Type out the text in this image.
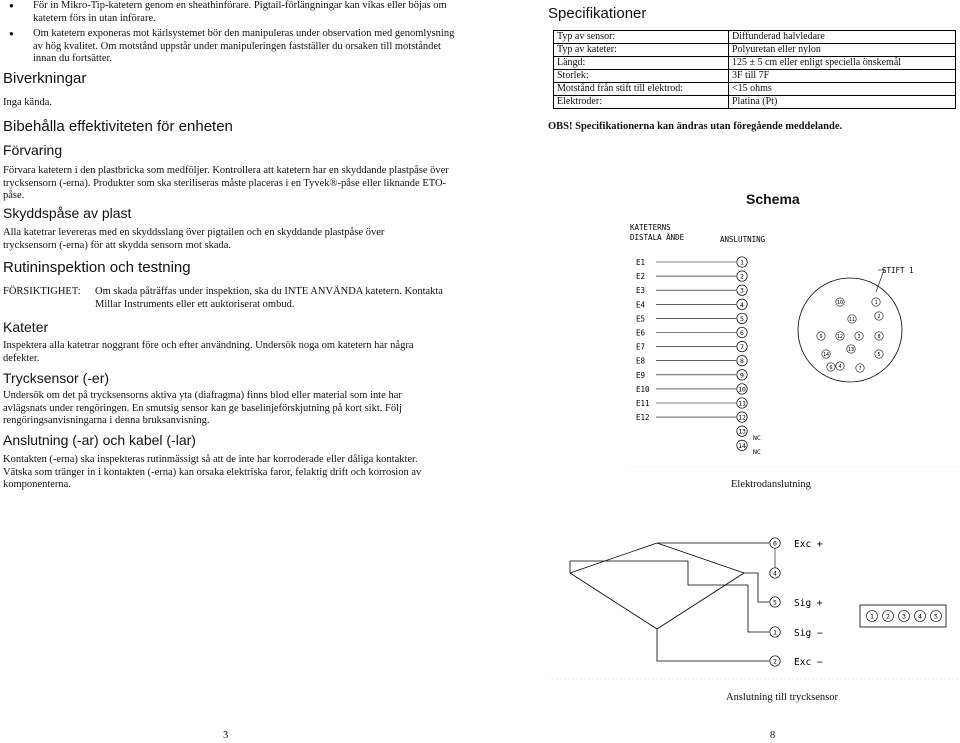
● För in Mikro-Tip-katetern genom en sheathinförare. Pigtail-förlängningar kan vikas eller böjas om katetern förs in utan införare.
● Om katetern exponeras mot kärlsystemet bör den manipuleras under observation med genomlysning av hög kvalitet. Om motstånd uppstår under manipuleringen fastställer du orsaken till motståndet innan du fortsätter.
Biverkningar
Inga kända.
Bibehålla effektiviteten för enheten
Förvaring
Förvara katetern i den plastbricka som medföljer. Kontrollera att katetern har en skyddande plastpåse över trycksensorn (-erna). Produkter som ska steriliseras måste placeras i en Tyvek®-påse eller liknande ETO-påse.
Skyddspåse av plast
Alla katetrar levereras med en skyddsslang över pigtailen och en skyddande plastpåse över trycksensorn (-erna) för att skydda sensorn mot skada.
Rutininspektion och testning
FÖRSIKTIGHET: Om skada påträffas under inspektion, ska du INTE ANVÄNDA katetern. Kontakta Millar Instruments eller ett auktoriserat ombud.
Kateter
Inspektera alla katetrar noggrant före och efter användning. Undersök noga om katetern har några defekter.
Trycksensor (-er)
Undersök om det på trycksensorns aktiva yta (diafragma) finns blod eller material som inte har avlägsnats under rengöringen. En smutsig sensor kan ge baselinjeförskjutning på kort sikt. Följ rengöringsanvisningarna i denna bruksanvisning.
Anslutning (-ar) och kabel (-lar)
Kontakten (-erna) ska inspekteras rutinmässigt så att de inte har korroderade eller dåliga kontakter. Vätska som tränger in i kontakten (-erna) kan orsaka elektriska faror, felaktig drift och korrosion av komponenterna.
3
Specifikationer
Typ av sensor:	Diffunderad halvledare
Typ av kateter:	Polyuretan eller nylon
Längd:	125 ± 5 cm eller enligt speciella önskemål
Storlek:	3F till 7F
Motstånd från stift till elektrod:	<15 ohms
Elektroder:	Platina (Pt)
OBS! Specifikationerna kan ändras utan föregående meddelande.
Schema
KATETERNS
DISTALA ÄNDE	ANSLUTNING
1
E1
2
E2
3
E3
4
E4
5
E5
6
E6
7
E7
8
E8
9
E9
10
E10
11
E11
12
E12
13
14
NC
NC
10	1
11	2
9	12	3	8
14
13
4
5
6	7
STIFT 1
Elektrodanslutning
6 Exc +
4
5 Sig +
1 Sig −
2 Exc −
1 2 3 4 5
Anslutning till trycksensor
8
